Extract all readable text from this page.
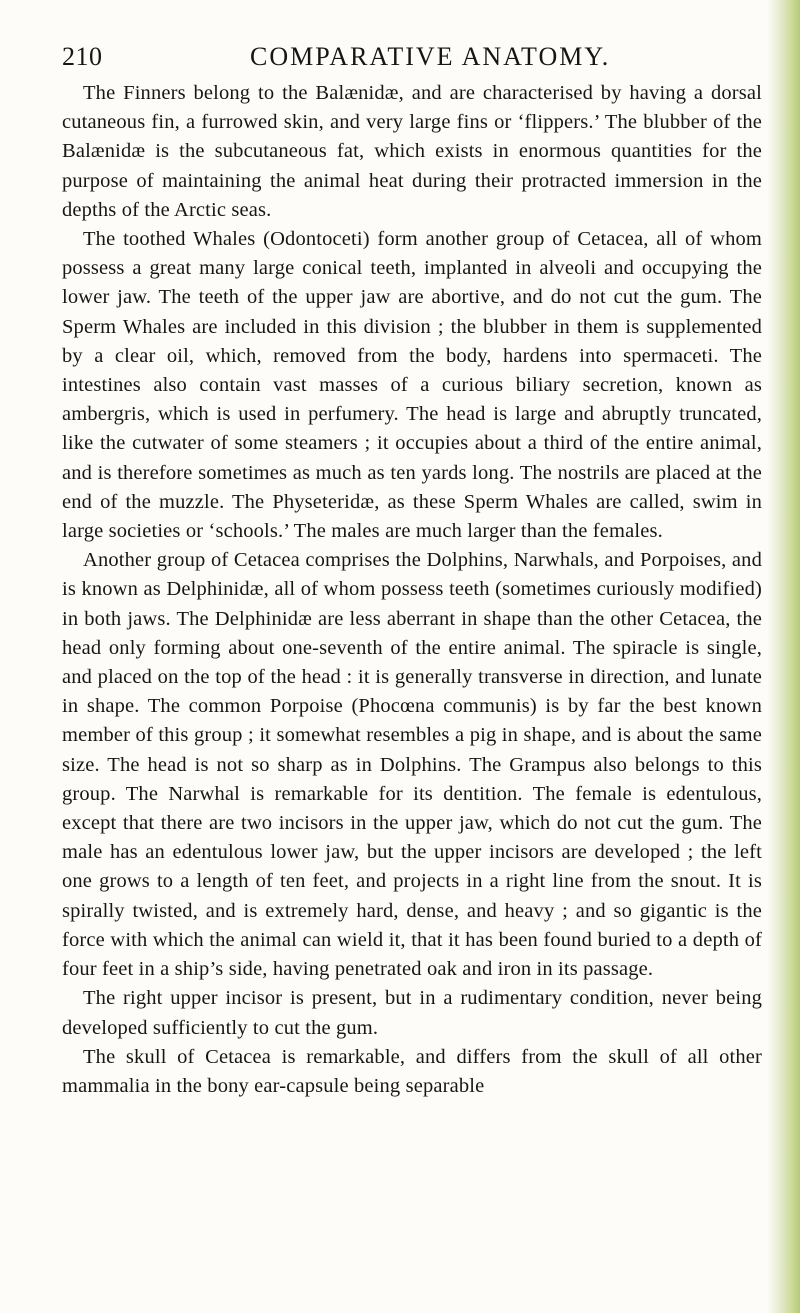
210	COMPARATIVE ANATOMY.

The Finners belong to the Balænidæ, and are characterised by having a dorsal cutaneous fin, a furrowed skin, and very large fins or ‘flippers.’ The blubber of the Balænidæ is the subcutaneous fat, which exists in enormous quantities for the purpose of maintaining the animal heat during their protracted immersion in the depths of the Arctic seas.

The toothed Whales (Odontoceti) form another group of Cetacea, all of whom possess a great many large conical teeth, implanted in alveoli and occupying the lower jaw. The teeth of the upper jaw are abortive, and do not cut the gum. The Sperm Whales are included in this division ; the blubber in them is supplemented by a clear oil, which, removed from the body, hardens into spermaceti. The intestines also contain vast masses of a curious biliary secretion, known as ambergris, which is used in perfumery. The head is large and abruptly truncated, like the cutwater of some steamers ; it occupies about a third of the entire animal, and is therefore sometimes as much as ten yards long. The nostrils are placed at the end of the muzzle. The Physeteridæ, as these Sperm Whales are called, swim in large societies or ‘schools.’ The males are much larger than the females.

Another group of Cetacea comprises the Dolphins, Narwhals, and Porpoises, and is known as Delphinidæ, all of whom possess teeth (sometimes curiously modified) in both jaws. The Delphinidæ are less aberrant in shape than the other Cetacea, the head only forming about one-seventh of the entire animal. The spiracle is single, and placed on the top of the head : it is generally transverse in direction, and lunate in shape. The common Porpoise (Phocœna communis) is by far the best known member of this group ; it somewhat resembles a pig in shape, and is about the same size. The head is not so sharp as in Dolphins. The Grampus also belongs to this group. The Narwhal is remarkable for its dentition. The female is edentulous, except that there are two incisors in the upper jaw, which do not cut the gum. The male has an edentulous lower jaw, but the upper incisors are developed ; the left one grows to a length of ten feet, and projects in a right line from the snout. It is spirally twisted, and is extremely hard, dense, and heavy ; and so gigantic is the force with which the animal can wield it, that it has been found buried to a depth of four feet in a ship’s side, having penetrated oak and iron in its passage.

The right upper incisor is present, but in a rudimentary condition, never being developed sufficiently to cut the gum.

The skull of Cetacea is remarkable, and differs from the skull of all other mammalia in the bony ear-capsule being separable
